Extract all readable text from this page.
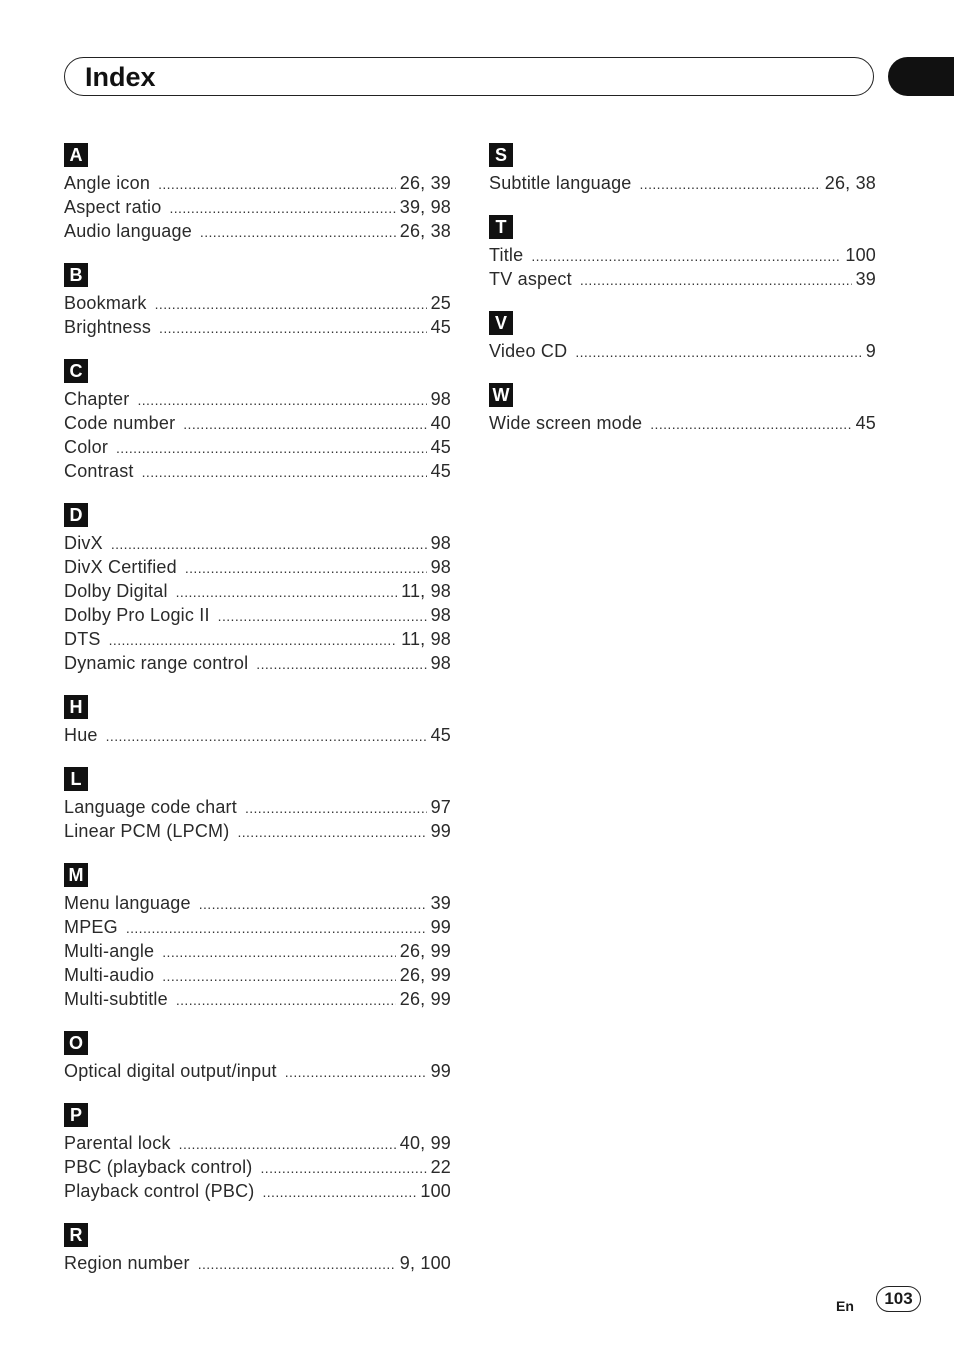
Index
A
Angle icon .....	26, 39
Aspect ratio .....	39, 98
Audio language .....	26, 38
B
Bookmark .....	25
Brightness .....	45
C
Chapter .....	98
Code number .....	40
Color .....	45
Contrast .....	45
D
DivX .....	98
DivX Certified .....	98
Dolby Digital .....	11, 98
Dolby Pro Logic II .....	98
DTS .....	11, 98
Dynamic range control .....	98
H
Hue .....	45
L
Language code chart .....	97
Linear PCM (LPCM) .....	99
M
Menu language .....	39
MPEG .....	99
Multi-angle .....	26, 99
Multi-audio .....	26, 99
Multi-subtitle .....	26, 99
O
Optical digital output/input .....	99
P
Parental lock .....	40, 99
PBC (playback control) .....	22
Playback control (PBC) .....	100
R
Region number .....	9, 100
S
Subtitle language .....	26, 38
T
Title .....	100
TV aspect .....	39
V
Video CD .....	9
W
Wide screen mode .....	45
En	103
